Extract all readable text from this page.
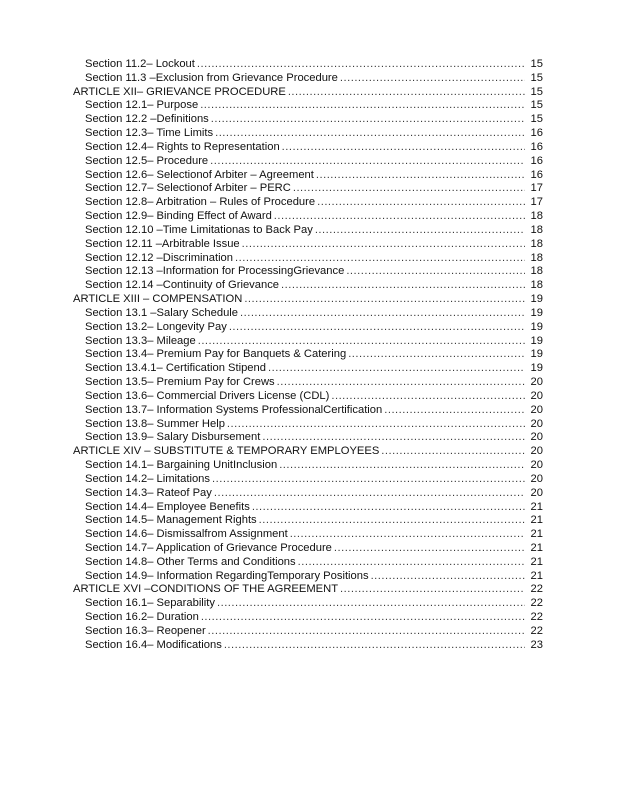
Section 11.2– Lockout .....	15
Section 11.3 –Exclusion from Grievance Procedure .....	15
ARTICLE XII– GRIEVANCE PROCEDURE .....	15
Section 12.1– Purpose .....	15
Section 12.2 –Definitions .....	15
Section 12.3– Time Limits .....	16
Section 12.4– Rights to Representation .....	16
Section 12.5– Procedure .....	16
Section 12.6– Selectionof Arbiter – Agreement .....	16
Section 12.7– Selectionof Arbiter – PERC .....	17
Section 12.8– Arbitration – Rules of Procedure .....	17
Section 12.9– Binding Effect of Award .....	18
Section 12.10 –Time Limitationas to Back Pay .....	18
Section 12.11 –Arbitrable Issue .....	18
Section 12.12 –Discrimination .....	18
Section 12.13 –Information for ProcessingGrievance .....	18
Section 12.14 –Continuity of Grievance .....	18
ARTICLE XIII – COMPENSATION .....	19
Section 13.1 –Salary Schedule .....	19
Section 13.2– Longevity Pay .....	19
Section 13.3– Mileage .....	19
Section 13.4– Premium Pay for Banquets & Catering .....	19
Section 13.4.1– Certification Stipend .....	19
Section 13.5– Premium Pay for Crews .....	20
Section 13.6– Commercial Drivers License (CDL) .....	20
Section 13.7– Information Systems ProfessionalCertification .....	20
Section 13.8– Summer Help .....	20
Section 13.9– Salary Disbursement .....	20
ARTICLE XIV – SUBSTITUTE & TEMPORARY EMPLOYEES .....	20
Section 14.1– Bargaining UnitInclusion .....	20
Section 14.2– Limitations .....	20
Section 14.3– Rateof Pay .....	20
Section 14.4– Employee Benefits .....	21
Section 14.5– Management Rights .....	21
Section 14.6– Dismissalfrom Assignment .....	21
Section 14.7– Application of Grievance Procedure .....	21
Section 14.8– Other Terms and Conditions .....	21
Section 14.9– Information RegardingTemporary Positions .....	21
ARTICLE XVI –CONDITIONS OF THE AGREEMENT .....	22
Section 16.1– Separability .....	22
Section 16.2– Duration .....	22
Section 16.3– Reopener .....	22
Section 16.4– Modifications .....	23
